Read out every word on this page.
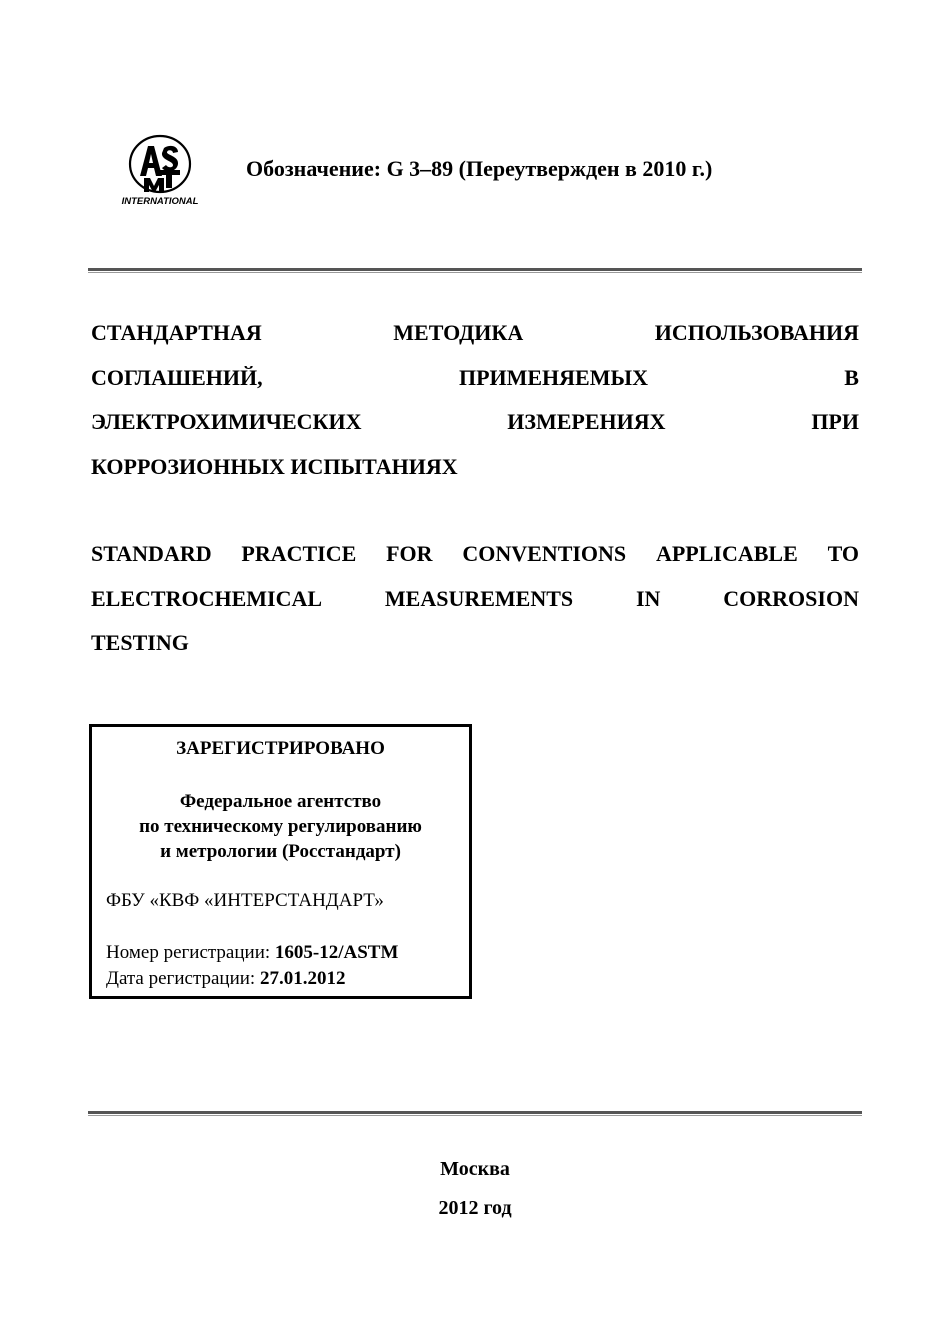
INTERNATIONAL
Обозначение: G 3–89 (Переутвержден в 2010 г.)
СТАНДАРТНАЯ	МЕТОДИКА	ИСПОЛЬЗОВАНИЯ
СОГЛАШЕНИЙ,	ПРИМЕНЯЕМЫХ	В
ЭЛЕКТРОХИМИЧЕСКИХ	ИЗМЕРЕНИЯХ	ПРИ
КОРРОЗИОННЫХ ИСПЫТАНИЯХ
STANDARD PRACTICE FOR CONVENTIONS APPLICABLE TO
ELECTROCHEMICAL	MEASUREMENTS	IN	CORROSION
TESTING
ЗАРЕГИСТРИРОВАНО
Федеральное агентство
по техническому регулированию
и метрологии (Росстандарт)
ФБУ «КВФ «ИНТЕРСТАНДАРТ»
Номер регистрации: 1605-12/ASTM
Дата регистрации: 27.01.2012
Москва
2012 год
